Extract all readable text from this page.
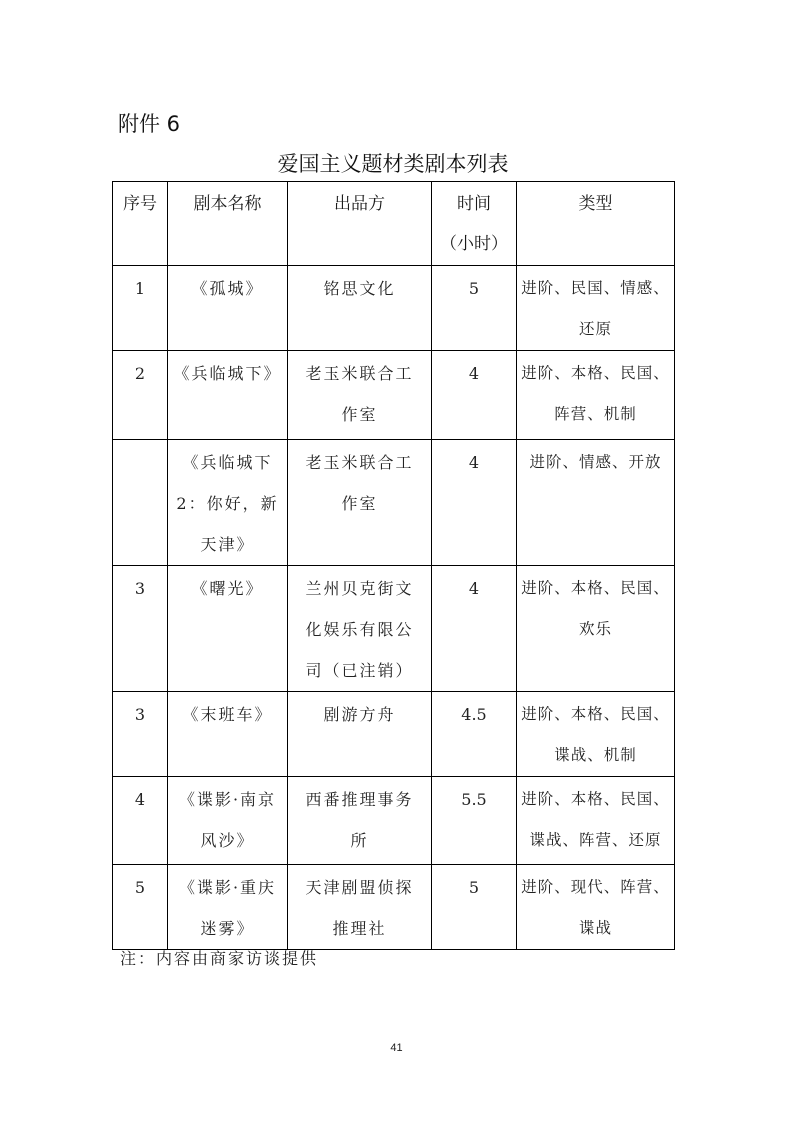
附件 6
爱国主义题材类剧本列表
序号	剧本名称	出品方	时间
（小时）	类型

1	《孤城》	铭思文化	5	进阶、民国、情感、
还原

2	《兵临城下》	老玉米联合工
作室	4	进阶、本格、民国、
阵营、机制

	《兵临城下
2：你好，新
天津》	老玉米联合工
作室	4	进阶、情感、开放

3	《曙光》	兰州贝克街文
化娱乐有限公
司（已注销）	4	进阶、本格、民国、
欢乐

3	《末班车》	剧游方舟	4.5	进阶、本格、民国、
谍战、机制

4	《谍影·南京
风沙》	西番推理事务
所	5.5	进阶、本格、民国、
谍战、阵营、还原

5	《谍影·重庆
迷雾》	天津剧盟侦探
推理社	5	进阶、现代、阵营、
谍战
注：内容由商家访谈提供
41
